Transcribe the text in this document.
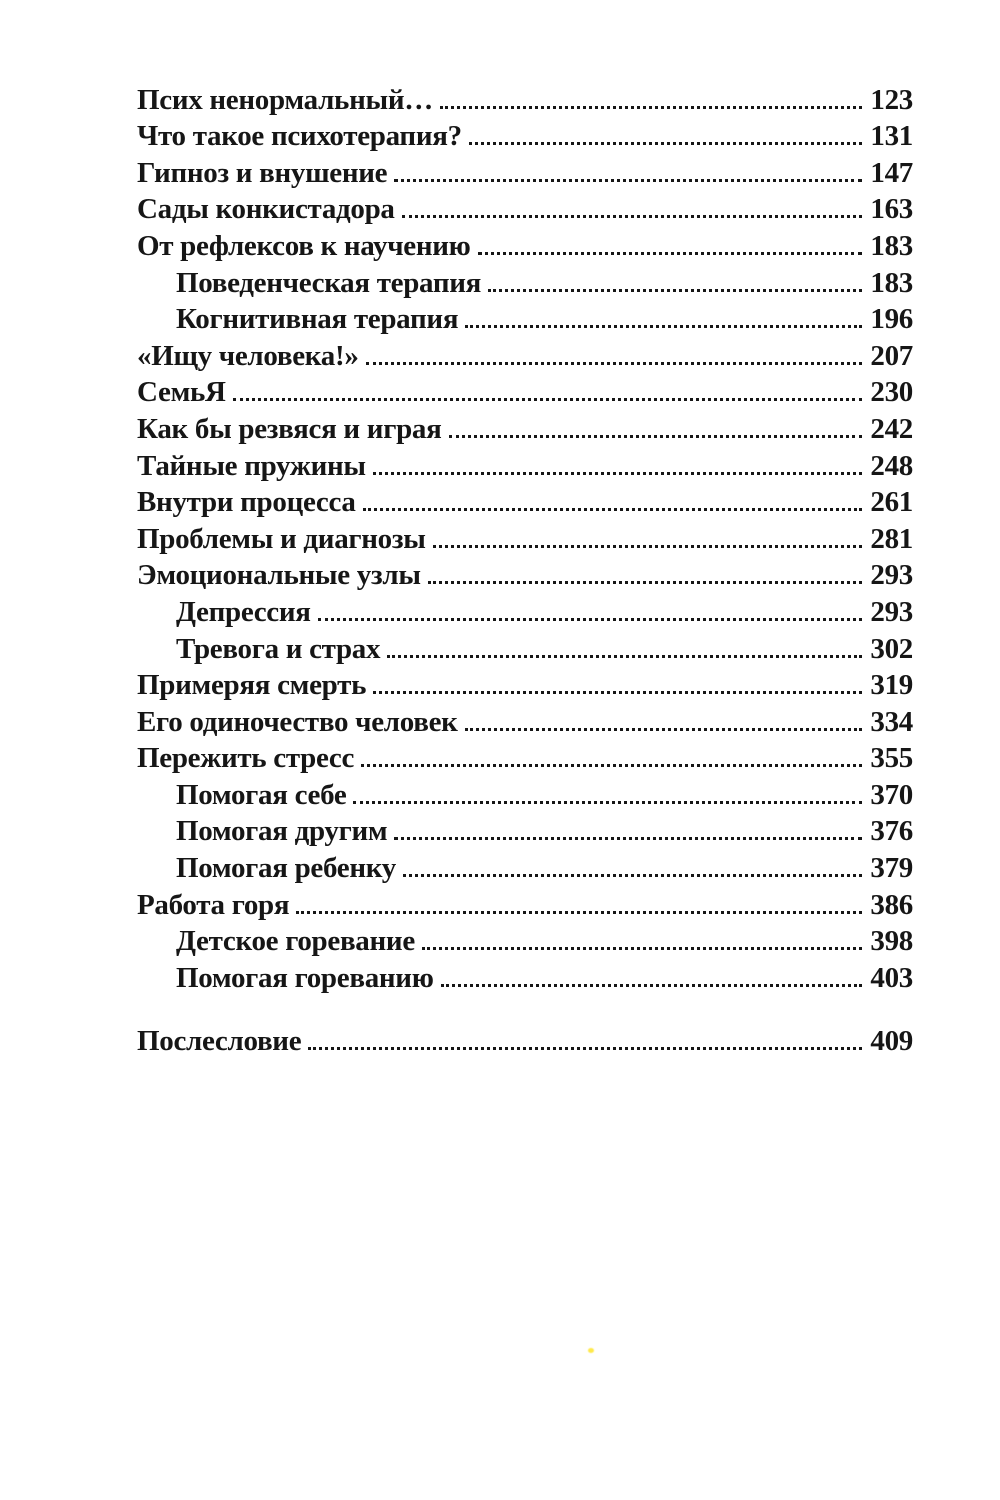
Псих ненормальный…	123
Что такое психотерапия?	131
Гипноз и внушение	147
Сады конкистадора	163
От рефлексов к научению	183
Поведенческая терапия	183
Когнитивная терапия	196
«Ищу человека!»	207
СемьЯ	230
Как бы резвяся и играя	242
Тайные пружины	248
Внутри процесса	261
Проблемы и диагнозы	281
Эмоциональные узлы	293
Депрессия	293
Тревога и страх	302
Примеряя смерть	319
Его одиночество человек	334
Пережить стресс	355
Помогая себе	370
Помогая другим	376
Помогая ребенку	379
Работа горя	386
Детское горевание	398
Помогая гореванию	403
Послесловие	409
